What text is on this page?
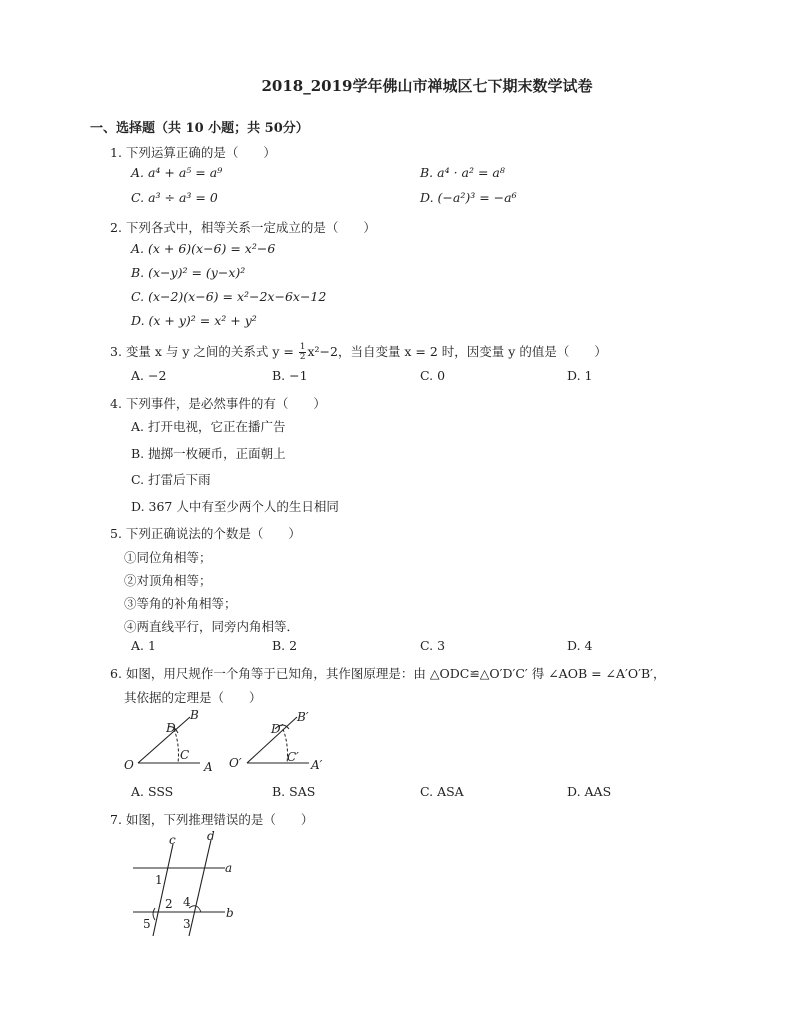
2018_2019学年佛山市禅城区七下期末数学试卷
一、选择题（共 10 小题；共 50分）
1. 下列运算正确的是（　　）
A. a⁴ + a⁵ = a⁹	B. a⁴ · a² = a⁸
C. a³ ÷ a³ = 0	D. (−a²)³ = −a⁶
2. 下列各式中，相等关系一定成立的是（　　）
A. (x + 6)(x−6) = x²−6
B. (x−y)² = (y−x)²
C. (x−2)(x−6) = x²−2x−6x−12
D. (x + y)² = x² + y²
3. 变量 x 与 y 之间的关系式 $y = \frac{1}{2} x^2-2$，当自变量 x = 2 时，因变量 y 的值是（　　）
A. −2	B. −1	C. 0	D. 1
4. 下列事件，是必然事件的有（　　）
A. 打开电视，它正在播广告
B. 抛掷一枚硬币，正面朝上
C. 打雷后下雨
D. 367 人中有至少两个人的生日相同
5. 下列正确说法的个数是（　　）
①同位角相等；
②对顶角相等；
③等角的补角相等；
④两直线平行，同旁内角相等．
A. 1	B. 2	C. 3	D. 4
6. 如图，用尺规作一个角等于已知角，其作图原理是：由 △ODC≌△O′D′C′ 得 ∠AOB = ∠A′O′B′，
其依据的定理是（　　）
O	A
B
C
D
O′	A′
B′
C′
D′
A. SSS	B. SAS	C. ASA	D. AAS
7. 如图，下列推理错误的是（　　）
c	d
a
b
1
2
3
4
5
